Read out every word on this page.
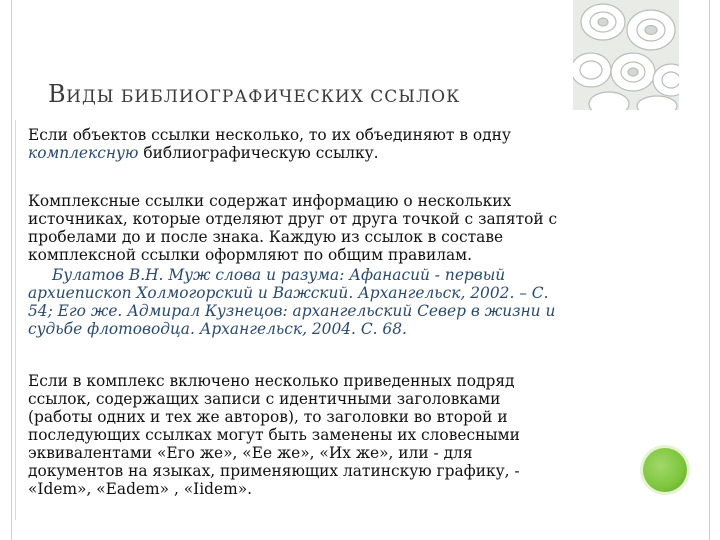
ВИДЫ БИБЛИОГРАФИЧЕСКИХ ССЫЛОК
Если объектов ссылки несколько, то их объединяют в одну
комплексную библиографическую ссылку.
Комплексные ссылки содержат информацию о нескольких
источниках, которые отделяют друг от друга точкой с запятой с
пробелами до и после знака. Каждую из ссылок в составе
комплексной ссылки оформляют по общим правилам.
Булатов В.Н. Муж слова и разума: Афанасий - первый
архиепископ Холмогорский и Важский. Архангельск, 2002. – С.
54; Его же. Адмирал Кузнецов: архангельский Север в жизни и
судьбе флотоводца. Архангельск, 2004. С. 68.
Если в комплекс включено несколько приведенных подряд
ссылок, содержащих записи с идентичными заголовками
(работы одних и тех же авторов), то заголовки во второй и
последующих ссылках могут быть заменены их словесными
эквивалентами «Его же», «Ее же», «Их же», или - для
документов на языках, применяющих латинскую графику, -
«Idem», «Eadem» , «Iidem».
